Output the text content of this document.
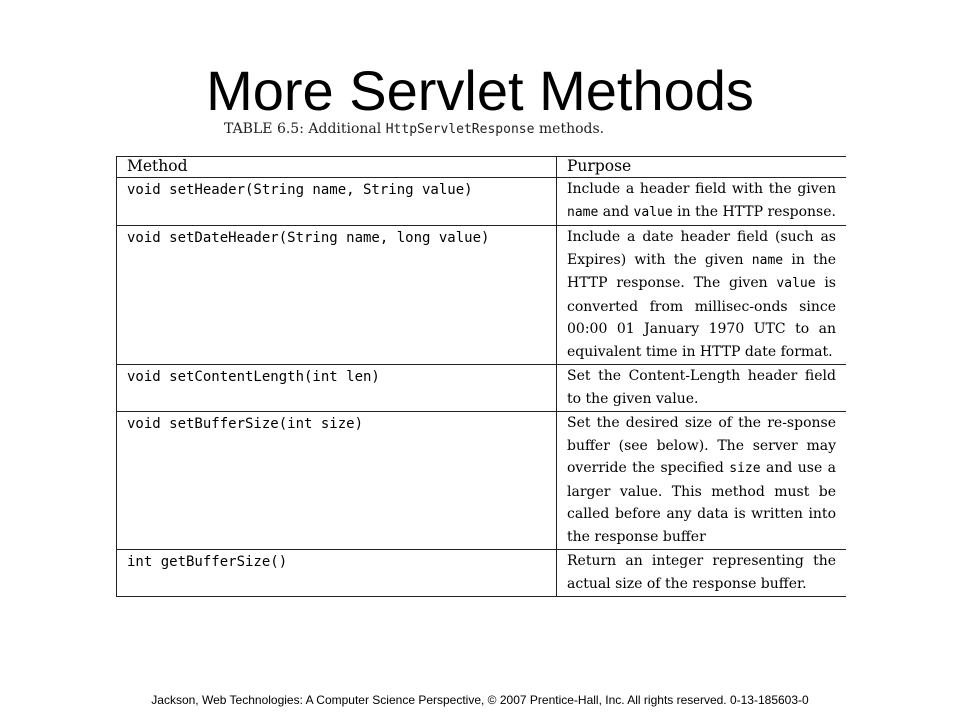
More Servlet Methods
TABLE 6.5: Additional HttpServletResponse methods.
Method	Purpose
void setHeader(String name, String value)	Include a header field with the given name and value in the HTTP response.
void setDateHeader(String name, long value)	Include a date header field (such as Expires) with the given name in the HTTP response. The given value is converted from millisec-onds since 00:00 01 January 1970 UTC to an equivalent time in HTTP date format.
void setContentLength(int len)	Set the Content-Length header field to the given value.
void setBufferSize(int size)	Set the desired size of the re-sponse buffer (see below). The server may override the specified size and use a larger value. This method must be called before any data is written into the response buffer
int getBufferSize()	Return an integer representing the actual size of the response buffer.
Jackson, Web Technologies: A Computer Science Perspective, © 2007 Prentice-Hall, Inc. All rights reserved. 0-13-185603-0
